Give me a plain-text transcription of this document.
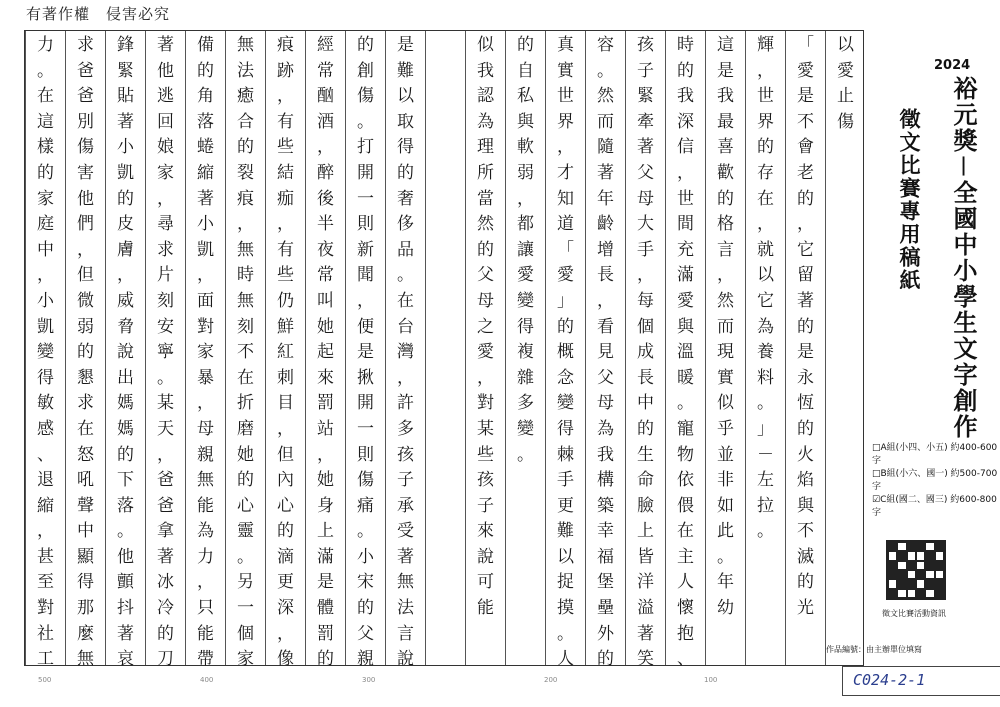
有著作權　侵害必究
以
愛
止
傷
「
愛
是
不
會
老
的
，
它
留
著
的
是
永
恆
的
火
焰
與
不
滅
的
光
輝
，
世
界
的
存
在
，
就
以
它
為
養
料
。
」
－
左
拉
。
這
是
我
最
喜
歡
的
格
言
，
然
而
現
實
似
乎
並
非
如
此
。
年
幼
時
的
我
深
信
，
世
間
充
滿
愛
與
溫
暖
。
寵
物
依
偎
在
主
人
懷
抱
、
孩
子
緊
牽
著
父
母
大
手
，
每
個
成
長
中
的
生
命
臉
上
皆
洋
溢
著
笑
容
。
然
而
隨
著
年
齡
增
長
，
看
見
父
母
為
我
構
築
幸
福
堡
壘
外
的
真
實
世
界
，
才
知
道
「
愛
」
的
概
念
變
得
棘
手
更
難
以
捉
摸
。
人
的
自
私
與
軟
弱
，
都
讓
愛
變
得
複
雜
多
變
。
似
我
認
為
理
所
當
然
的
父
母
之
愛
，
對
某
些
孩
子
來
說
可
能
是
難
以
取
得
的
奢
侈
品
。
在
台
灣
，
許
多
孩
子
承
受
著
無
法
言
說
的
創
傷
。
打
開
一
則
新
聞
，
便
是
揪
開
一
則
傷
痛
。
小
宋
的
父
親
經
常
酗
酒
，
醉
後
半
夜
常
叫
她
起
來
罰
站
，
她
身
上
滿
是
體
罰
的
痕
跡
，
有
些
結
痂
，
有
些
仍
鮮
紅
刺
目
，
但
內
心
的
滴
更
深
，
像
無
法
癒
合
的
裂
痕
，
無
時
無
刻
不
在
折
磨
她
的
心
靈
。
另
一
個
家
備
的
角
落
蜷
縮
著
小
凱
，
面
對
家
暴
，
母
親
無
能
為
力
，
只
能
帶
著
他
逃
回
娘
家
，
尋
求
片
刻
安
寧
。
某
天
，
爸
爸
拿
著
冰
冷
的
刀
鋒
緊
貼
著
小
凱
的
皮
膚
，
威
脅
說
出
媽
媽
的
下
落
。
他
顫
抖
著
哀
求
爸
爸
別
傷
害
他
們
，
但
微
弱
的
懇
求
在
怒
吼
聲
中
顯
得
那
麼
無
力
。
在
這
樣
的
家
庭
中
，
小
凱
變
得
敏
感
、
退
縮
，
甚
至
對
社
工
500	400	300	200	100
2024
裕元獎－全國中小學生文字創作
徵文比賽專用稿紙
□A組(小四、小五) 約400-600字
□B組(小六、國一) 約500-700字
☑C組(國二、國三) 約600-800字
徵文比賽活動資訊
作品編號：由主辦單位填寫
C024-2-1
